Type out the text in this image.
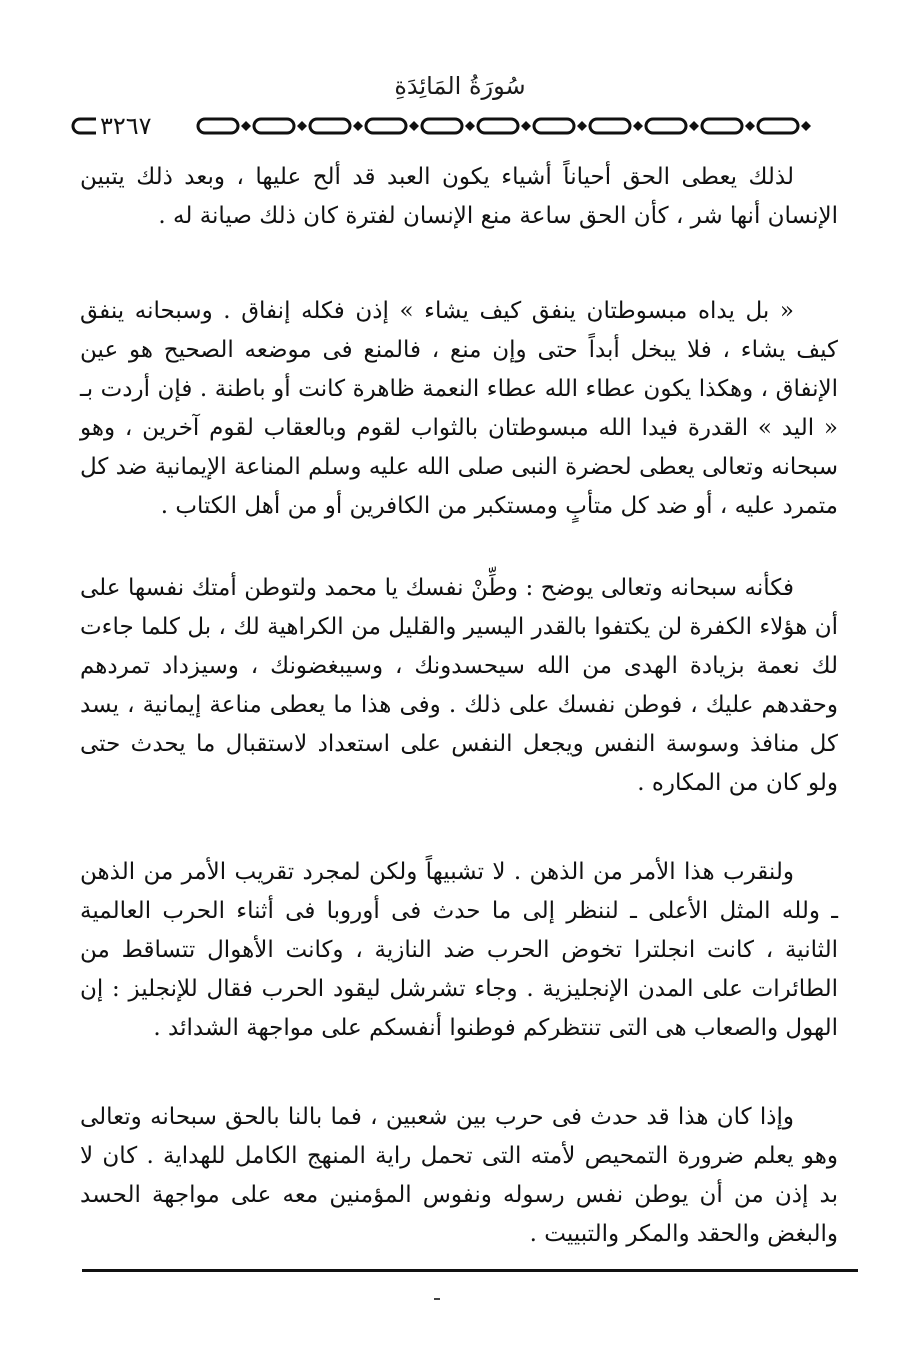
سُورَةُ المَائِدَةِ
٣٢٦٧

لذلك يعطى الحق أحياناً أشياء يكون العبد قد ألح عليها ، وبعد ذلك يتبين الإنسان أنها شر ، كأن الحق ساعة منع الإنسان لفترة كان ذلك صيانة له .

« بل يداه مبسوطتان ينفق كيف يشاء » إذن فكله إنفاق . وسبحانه ينفق كيف يشاء ، فلا يبخل أبداً حتى وإن منع ، فالمنع فى موضعه الصحيح هو عين الإنفاق ، وهكذا يكون عطاء الله عطاء النعمة ظاهرة كانت أو باطنة . فإن أردت بـ « اليد » القدرة فيدا الله مبسوطتان بالثواب لقوم وبالعقاب لقوم آخرين ، وهو سبحانه وتعالى يعطى لحضرة النبى صلى الله عليه وسلم المناعة الإيمانية ضد كل متمرد عليه ، أو ضد كل متأبٍ ومستكبر من الكافرين أو من أهل الكتاب .

فكأنه سبحانه وتعالى يوضح : وطِّنْ نفسك يا محمد ولتوطن أمتك نفسها على أن هؤلاء الكفرة لن يكتفوا بالقدر اليسير والقليل من الكراهية لك ، بل كلما جاءت لك نعمة بزيادة الهدى من الله سيحسدونك ، وسيبغضونك ، وسيزداد تمردهم وحقدهم عليك ، فوطن نفسك على ذلك . وفى هذا ما يعطى مناعة إيمانية ، يسد كل منافذ وسوسة النفس ويجعل النفس على استعداد لاستقبال ما يحدث حتى ولو كان من المكاره .

ولنقرب هذا الأمر من الذهن . لا تشبيهاً ولكن لمجرد تقريب الأمر من الذهن ـ ولله المثل الأعلى ـ لننظر إلى ما حدث فى أوروبا فى أثناء الحرب العالمية الثانية ، كانت انجلترا تخوض الحرب ضد النازية ، وكانت الأهوال تتساقط من الطائرات على المدن الإنجليزية . وجاء تشرشل ليقود الحرب فقال للإنجليز : إن الهول والصعاب هى التى تنتظركم فوطنوا أنفسكم على مواجهة الشدائد .

وإذا كان هذا قد حدث فى حرب بين شعبين ، فما بالنا بالحق سبحانه وتعالى وهو يعلم ضرورة التمحيص لأمته التى تحمل راية المنهج الكامل للهداية . كان لا بد إذن من أن يوطن نفس رسوله ونفوس المؤمنين معه على مواجهة الحسد والبغض والحقد والمكر والتبييت .
